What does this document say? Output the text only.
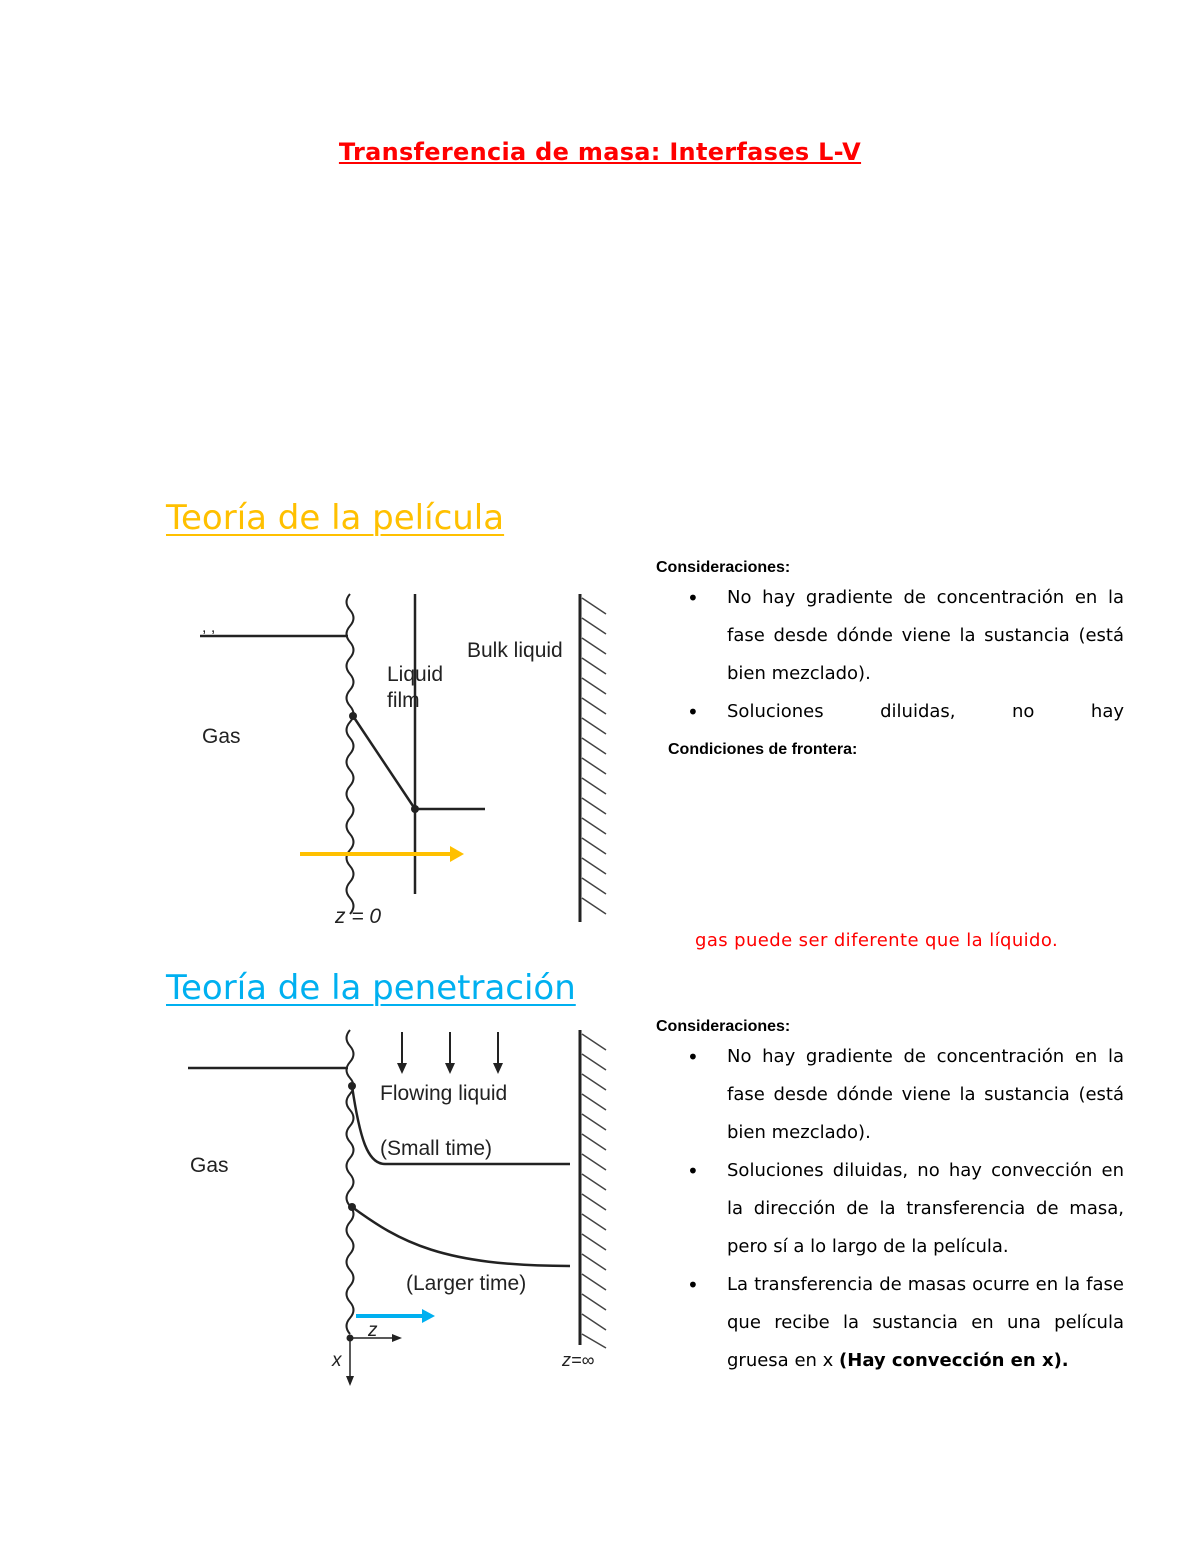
Transferencia de masa: Interfases L-V
Teoría de la película
, ,
Gas
Liquid
film
Bulk liquid
z = 0
Consideraciones:
• No hay gradiente de concentración en la fase desde dónde viene la sustancia (está bien mezclado).
• Soluciones diluidas, no hay
Condiciones de frontera:
gas puede ser diferente que la líquido.
Teoría de la penetración
Gas
Flowing liquid
(Small time)
(Larger time)
z
x	z=∞
Consideraciones:
• No hay gradiente de concentración en la fase desde dónde viene la sustancia (está bien mezclado).
• Soluciones diluidas, no hay convección en la dirección de la transferencia de masa, pero sí a lo largo de la película.
• La transferencia de masas ocurre en la fase que recibe la sustancia en una película gruesa en x (Hay convección en x).
